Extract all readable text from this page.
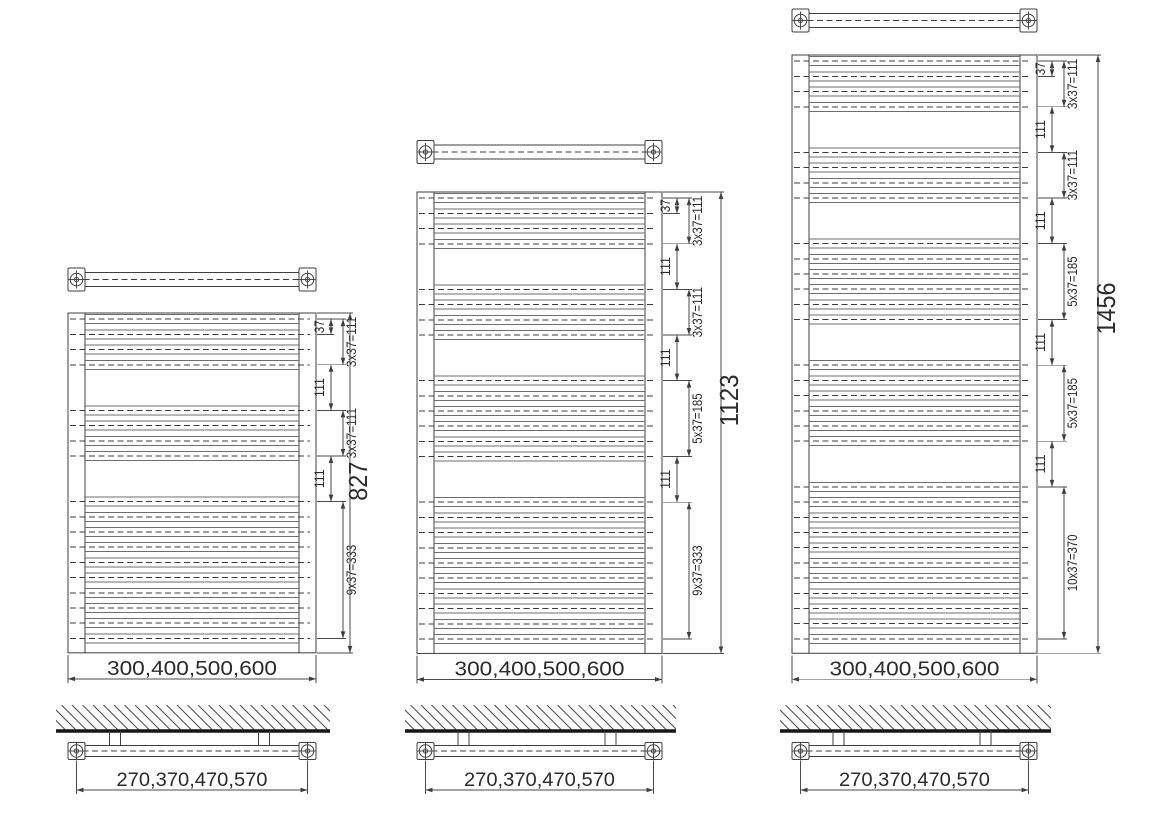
3x37=111
37
3x37=111
9x37=333
111
111 827
300,400,500,600
270,370,470,570
3x37=111
37
3x37=111
5x37=185
9x37=333
111
111
111
1123
300,400,500,600
270,370,470,570
3x37=111
37
3x37=111
5x37=185
5x37=185
10x37=370
111
111
111
111
1456
300,400,500,600
270,370,470,570
